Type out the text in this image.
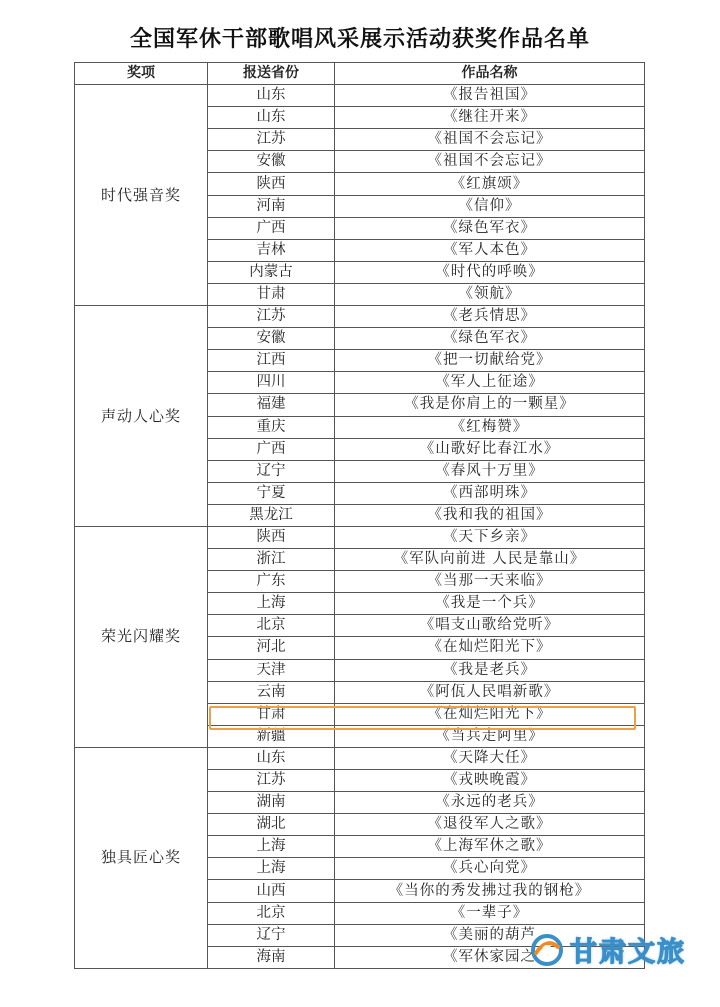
全国军休干部歌唱风采展示活动获奖作品名单
奖项	报送省份	作品名称
时代强音奖	山东	《报告祖国》
	山东	《继往开来》
	江苏	《祖国不会忘记》
	安徽	《祖国不会忘记》
	陕西	《红旗颂》
	河南	《信仰》
	广西	《绿色军衣》
	吉林	《军人本色》
	内蒙古	《时代的呼唤》
	甘肃	《领航》
声动人心奖	江苏	《老兵情思》
	安徽	《绿色军衣》
	江西	《把一切献给党》
	四川	《军人上征途》
	福建	《我是你肩上的一颗星》
	重庆	《红梅赞》
	广西	《山歌好比春江水》
	辽宁	《春风十万里》
	宁夏	《西部明珠》
	黑龙江	《我和我的祖国》
荣光闪耀奖	陕西	《天下乡亲》
	浙江	《军队向前进 人民是靠山》
	广东	《当那一天来临》
	上海	《我是一个兵》
	北京	《唱支山歌给党听》
	河北	《在灿烂阳光下》
	天津	《我是老兵》
	云南	《阿佤人民唱新歌》
	甘肃	《在灿烂阳光下》
	新疆	《当兵走阿里》
独具匠心奖	山东	《天降大任》
	江苏	《戎映晚霞》
	湖南	《永远的老兵》
	湖北	《退役军人之歌》
	上海	《上海军休之歌》
	上海	《兵心向党》
	山西	《当你的秀发拂过我的钢枪》
	北京	《一辈子》
	辽宁	《美丽的葫芦
	海南	《军休家园之 甘肃文旅
